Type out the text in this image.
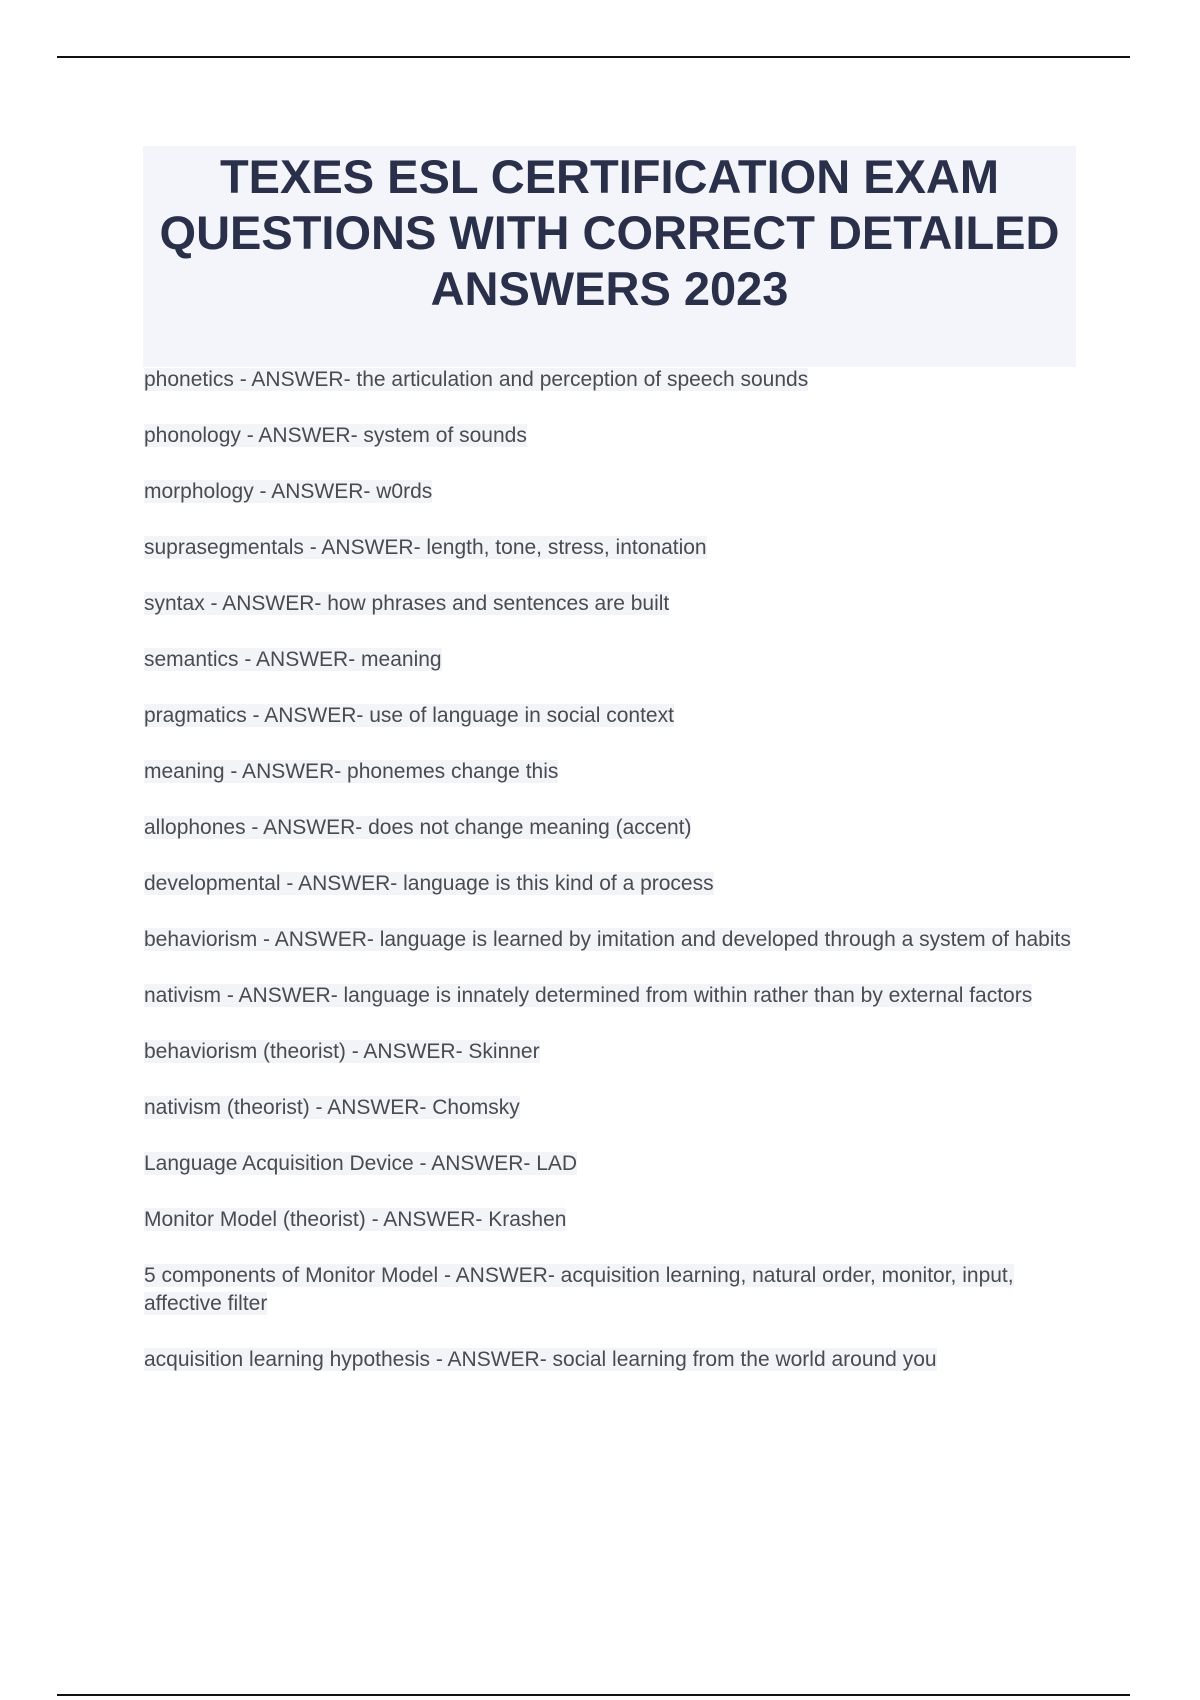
TEXES ESL CERTIFICATION EXAM
QUESTIONS WITH CORRECT DETAILED
ANSWERS 2023

phonetics - ANSWER- the articulation and perception of speech sounds

phonology - ANSWER- system of sounds

morphology - ANSWER- w0rds

suprasegmentals - ANSWER- length, tone, stress, intonation

syntax - ANSWER- how phrases and sentences are built

semantics - ANSWER- meaning

pragmatics - ANSWER- use of language in social context

meaning - ANSWER- phonemes change this

allophones - ANSWER- does not change meaning (accent)

developmental - ANSWER- language is this kind of a process

behaviorism - ANSWER- language is learned by imitation and developed through a system of habits

nativism - ANSWER- language is innately determined from within rather than by external factors

behaviorism (theorist) - ANSWER- Skinner

nativism (theorist) - ANSWER- Chomsky

Language Acquisition Device - ANSWER- LAD

Monitor Model (theorist) - ANSWER- Krashen

5 components of Monitor Model - ANSWER- acquisition learning, natural order, monitor, input, affective filter

acquisition learning hypothesis - ANSWER- social learning from the world around you
